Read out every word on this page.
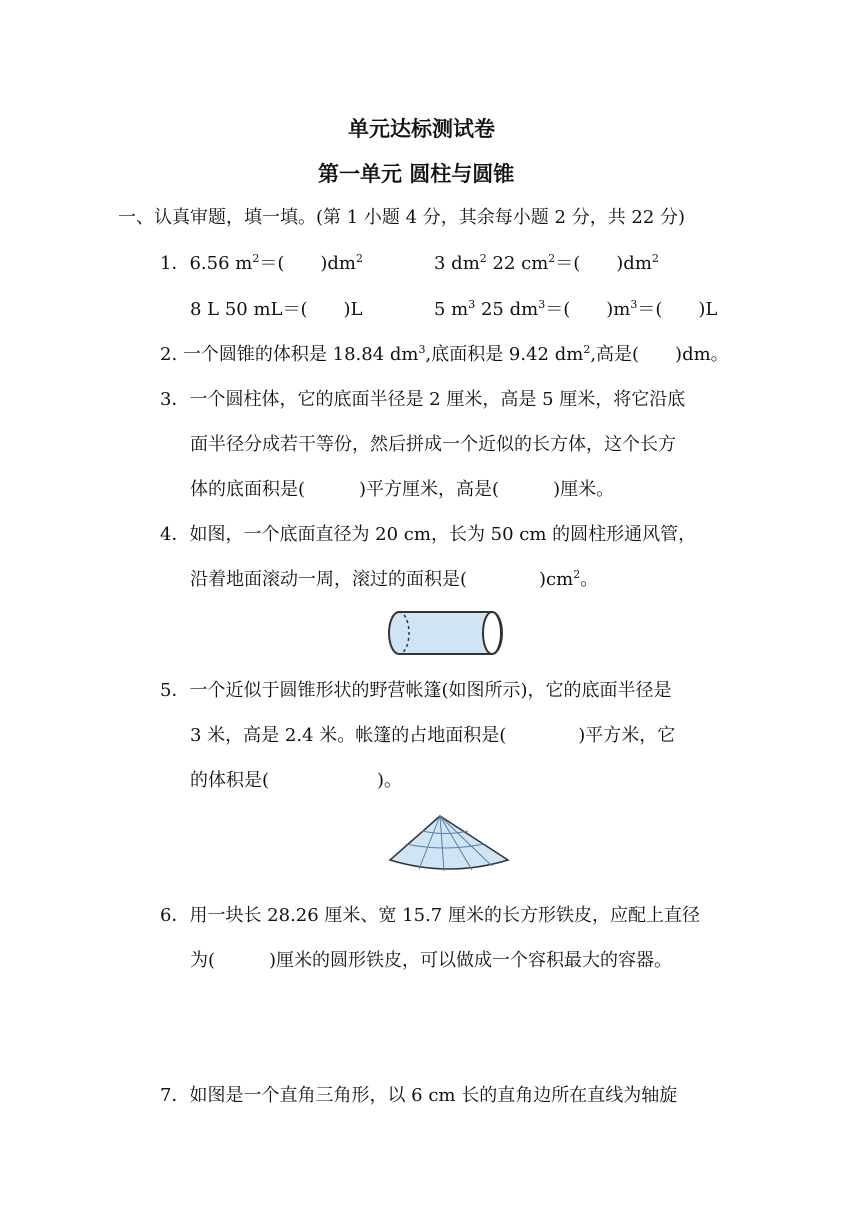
单元达标测试卷
第一单元 圆柱与圆锥
一、认真审题，填一填。(第 1 小题 4 分，其余每小题 2 分，共 22 分)
1．6.56 $m^2=$(　　)$dm^2$	3 $dm^2$ 22 $cm^2=$(　　)$dm^2$
8 L 50 mL＝(　　)L	5 $m^3$ 25 $dm^3=$(　　)$m^3=$(　　)L
2. 一个圆锥的体积是 18.84 $dm^3$,底面积是 9.42 $dm^2$,高是(　　)dm。
3．一个圆柱体，它的底面半径是 2 厘米，高是 5 厘米，将它沿底
面半径分成若干等份，然后拼成一个近似的长方体，这个长方
体的底面积是(　　　)平方厘米，高是(　　　)厘米。
4．如图，一个底面直径为 20 cm，长为 50 cm 的圆柱形通风管，
沿着地面滚动一周，滚过的面积是(　　　　)$cm^2$。
5．一个近似于圆锥形状的野营帐篷(如图所示)，它的底面半径是
3 米，高是 2.4 米。帐篷的占地面积是(　　　　)平方米，它
的体积是(　　　　　　)。
6．用一块长 28.26 厘米、宽 15.7 厘米的长方形铁皮，应配上直径
为(　　　)厘米的圆形铁皮，可以做成一个容积最大的容器。
7．如图是一个直角三角形，以 6 cm 长的直角边所在直线为轴旋
